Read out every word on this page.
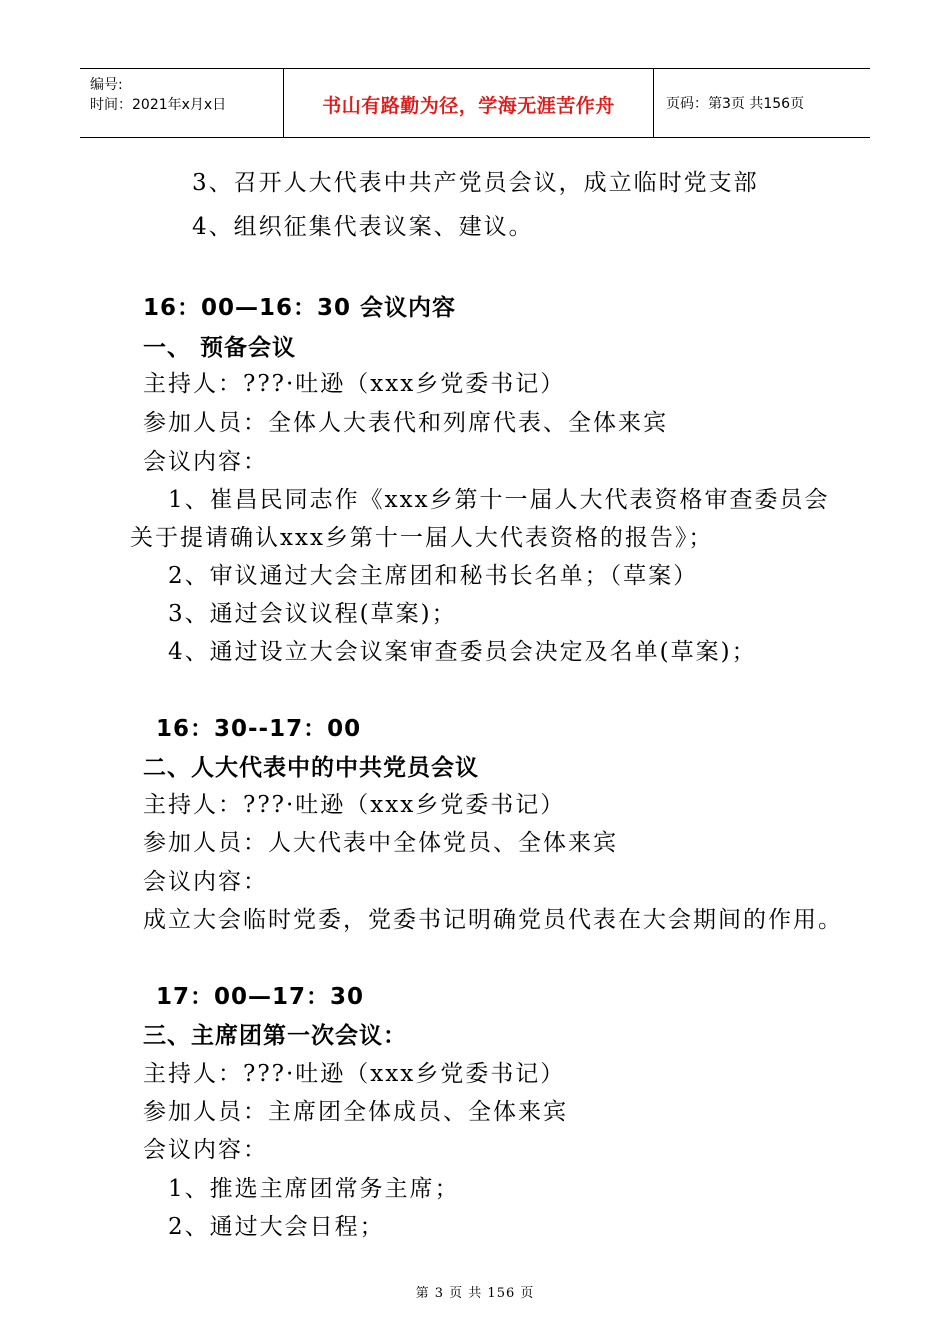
编号:
时间：2021年x月x日	书山有路勤为径，学海无涯苦作舟	页码：第3页 共156页
3、召开人大代表中共产党员会议，成立临时党支部
4、组织征集代表议案、建议。
16：00—16：30 会议内容
一、 预备会议
主持人：???·吐逊（xxx乡党委书记）
参加人员：全体人大表代和列席代表、全体来宾
会议内容：
1、崔昌民同志作《xxx乡第十一届人大代表资格审查委员会
关于提请确认xxx乡第十一届人大代表资格的报告》；
2、审议通过大会主席团和秘书长名单；（草案）
3、通过会议议程(草案)；
4、通过设立大会议案审查委员会决定及名单(草案)；
16：30--17：00
二、人大代表中的中共党员会议
主持人：???·吐逊（xxx乡党委书记）
参加人员：人大代表中全体党员、全体来宾
会议内容：
成立大会临时党委，党委书记明确党员代表在大会期间的作用。
17：00—17：30
三、主席团第一次会议：
主持人：???·吐逊（xxx乡党委书记）
参加人员：主席团全体成员、全体来宾
会议内容：
1、推选主席团常务主席；
2、通过大会日程；
第 3 页 共 156 页
